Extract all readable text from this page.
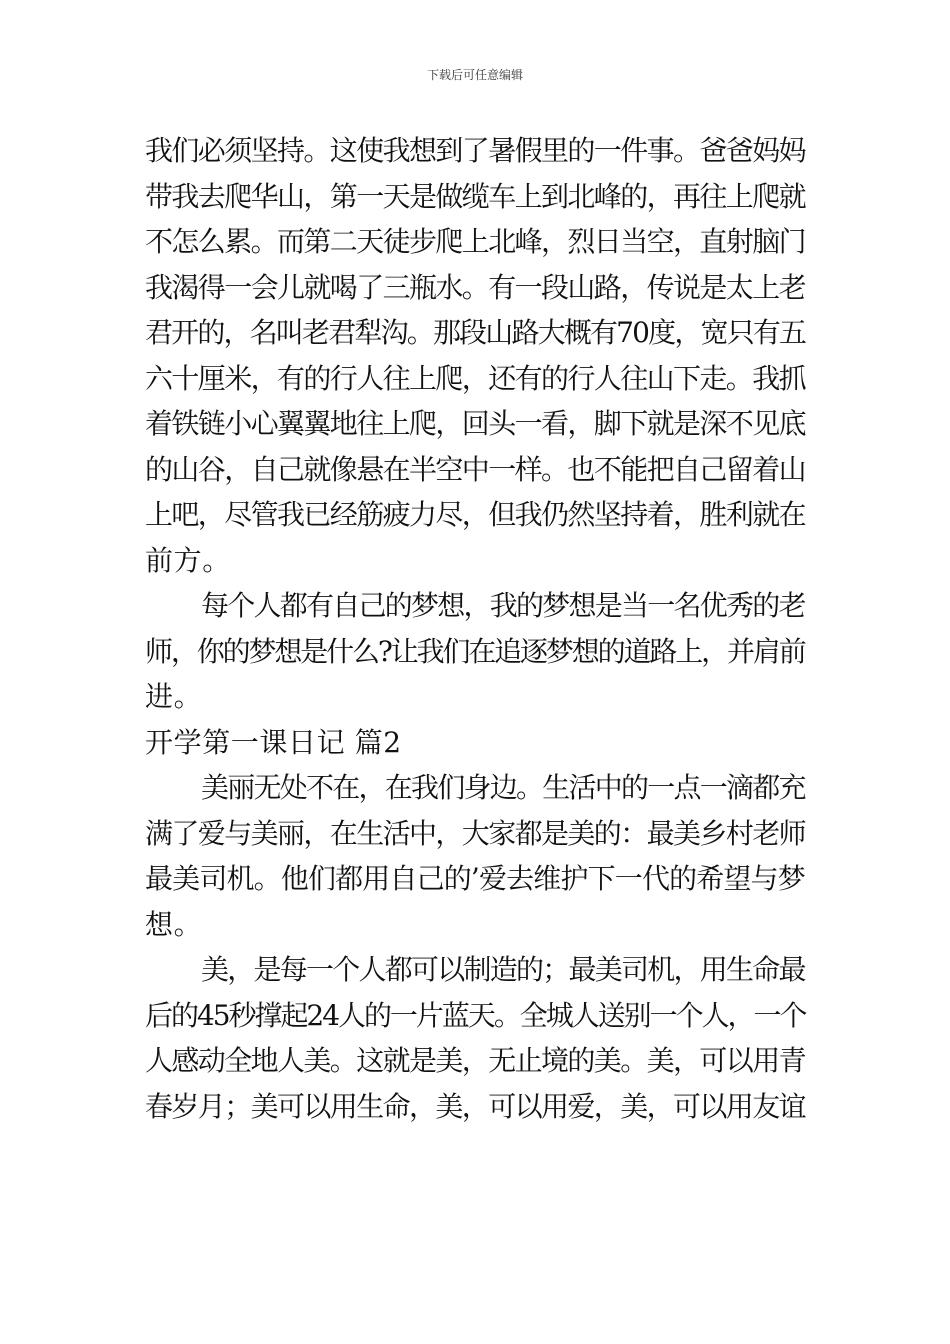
下载后可任意编辑
我们必须坚持。这使我想到了暑假里的一件事。爸爸妈妈
带我去爬华山，第一天是做缆车上到北峰的，再往上爬就
不怎么累。而第二天徒步爬上北峰，烈日当空，直射脑门
我渴得一会儿就喝了三瓶水。有一段山路，传说是太上老
君开的，名叫老君犁沟。那段山路大概有70度，宽只有五
六十厘米，有的行人往上爬，还有的行人往山下走。我抓
着铁链小心翼翼地往上爬，回头一看，脚下就是深不见底
的山谷，自己就像悬在半空中一样。也不能把自己留着山
上吧，尽管我已经筋疲力尽，但我仍然坚持着，胜利就在
前方。
每个人都有自己的梦想，我的梦想是当一名优秀的老
师，你的梦想是什么?让我们在追逐梦想的道路上，并肩前
进。
开学第一课日记 篇2
美丽无处不在，在我们身边。生活中的一点一滴都充
满了爱与美丽，在生活中，大家都是美的：最美乡村老师
最美司机。他们都用自己的’爱去维护下一代的希望与梦
想。
美，是每一个人都可以制造的；最美司机，用生命最
后的45秒撑起24人的一片蓝天。全城人送别一个人，一个
人感动全地人美。这就是美，无止境的美。美，可以用青
春岁月；美可以用生命，美，可以用爱，美，可以用友谊
